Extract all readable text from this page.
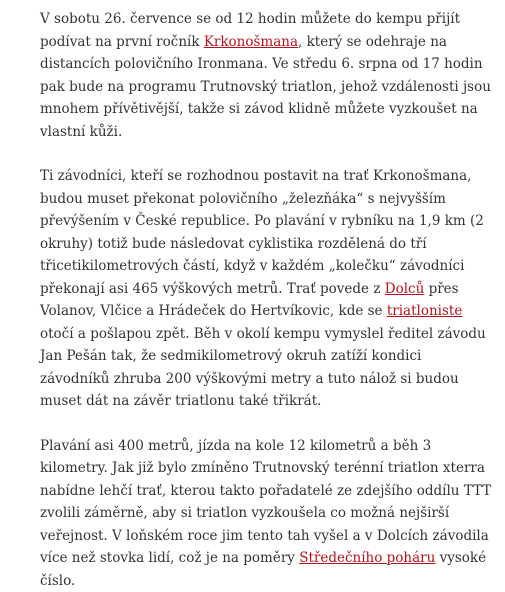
V sobotu 26. července se od 12 hodin můžete do kempu přijít podívat na první ročník Krkonošmana, který se odehraje na distancích polovičního Ironmana. Ve středu 6. srpna od 17 hodin pak bude na programu Trutnovský triatlon, jehož vzdálenosti jsou mnohem přívětivější, takže si závod klidně můžete vyzkoušet na vlastní kůži.

Ti závodníci, kteří se rozhodnou postavit na trať Krkonošmana, budou muset překonat polovičního „železňáka“ s nejvyšším převýšením v České republice. Po plavání v rybníku na 1,9 km (2 okruhy) totiž bude následovat cyklistika rozdělená do tří třicetikilometrových částí, když v každém „kolečku“ závodníci překonají asi 465 výškových metrů. Trať povede z Dolců přes Volanov, Vlčice a Hrádeček do Hertvíkovic, kde se triatloniste otočí a pošlapou zpět. Běh v okolí kempu vymyslel ředitel závodu Jan Pešán tak, že sedmikilometrový okruh zatíží kondici závodníků zhruba 200 výškovými metry a tuto nálož si budou muset dát na závěr triatlonu také třikrát.

Plavání asi 400 metrů, jízda na kole 12 kilometrů a běh 3 kilometry. Jak již bylo zmíněno Trutnovský terénní triatlon xterra nabídne lehčí trať, kterou takto pořadatelé ze zdejšího oddílu TTT zvolili záměrně, aby si triatlon vyzkoušela co možná nejširší veřejnost. V loňském roce jim tento tah vyšel a v Dolcích závodila více než stovka lidí, což je na poměry Středečního poháru vysoké číslo.
